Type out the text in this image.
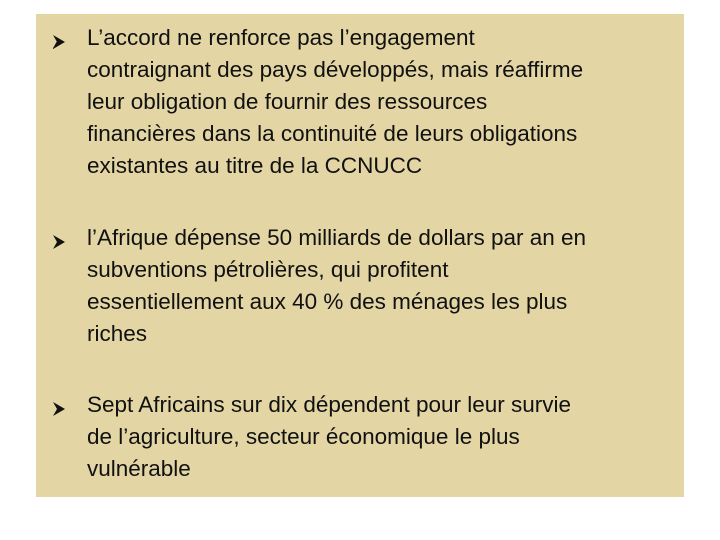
L’accord ne renforce pas l’engagement
contraignant des pays développés, mais réaffirme
leur obligation de fournir des ressources
financières dans la continuité de leurs obligations
existantes au titre de la CCNUCC
l’Afrique dépense 50 milliards de dollars par an en
subventions pétrolières, qui profitent
essentiellement aux 40 % des ménages les plus
riches
Sept Africains sur dix dépendent pour leur survie
de l’agriculture, secteur économique le plus
vulnérable
